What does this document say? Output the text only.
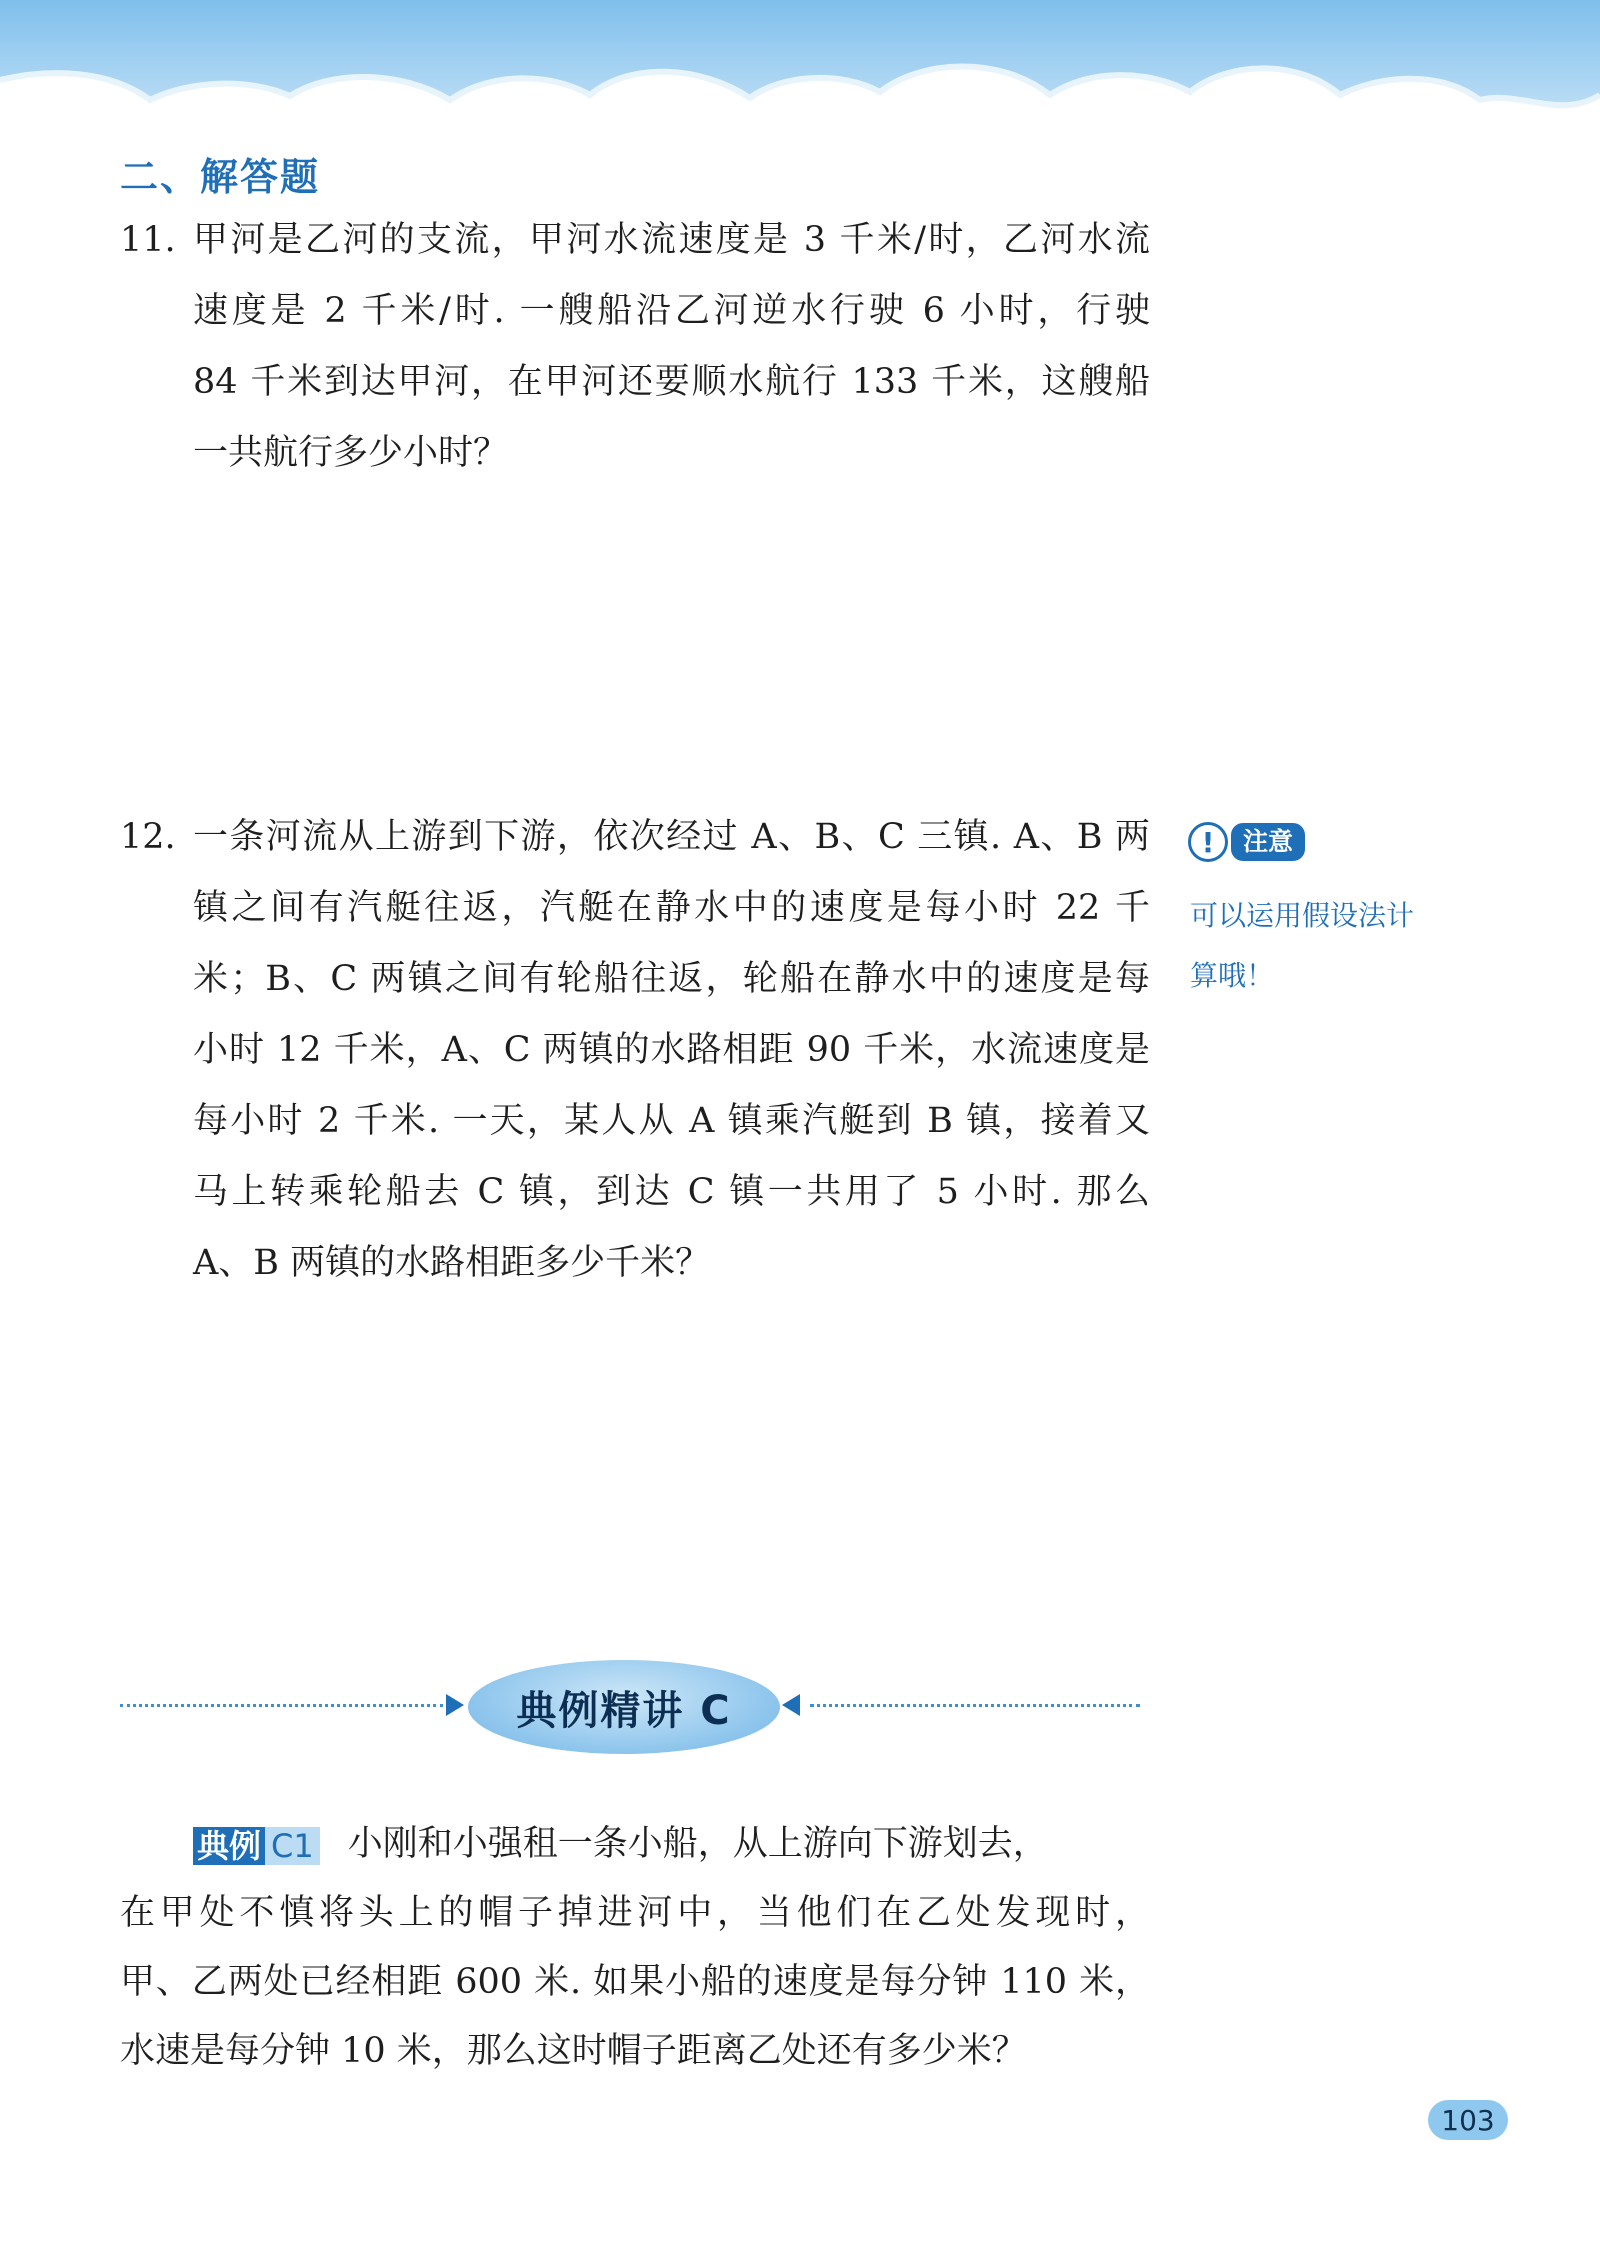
二、解答题
11. 甲河是乙河的支流，甲河水流速度是 3 千米/时，乙河水流
速度是 2 千米/时. 一艘船沿乙河逆水行驶 6 小时，行驶
84 千米到达甲河，在甲河还要顺水航行 133 千米，这艘船
一共航行多少小时？
12. 一条河流从上游到下游，依次经过 A、B、C 三镇. A、B 两
镇之间有汽艇往返，汽艇在静水中的速度是每小时 22 千
米；B、C 两镇之间有轮船往返，轮船在静水中的速度是每
小时 12 千米，A、C 两镇的水路相距 90 千米，水流速度是
每小时 2 千米. 一天，某人从 A 镇乘汽艇到 B 镇，接着又
马上转乘轮船去 C 镇，到达 C 镇一共用了 5 小时. 那么
A、B 两镇的水路相距多少千米？
!	注意
可以运用假设法计
算哦！
典例精讲 C
典例 C1 小刚和小强租一条小船，从上游向下游划去，
在甲处不慎将头上的帽子掉进河中，当他们在乙处发现时，
甲、乙两处已经相距 600 米. 如果小船的速度是每分钟 110 米，
水速是每分钟 10 米，那么这时帽子距离乙处还有多少米？
103
